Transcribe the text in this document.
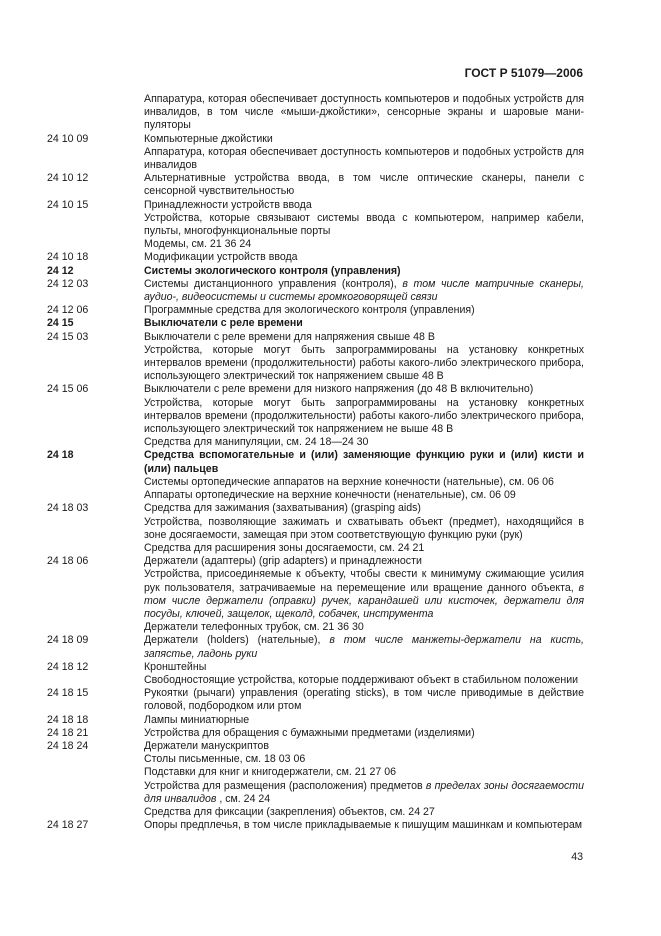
ГОСТ Р 51079—2006
Аппаратура, которая обеспечивает доступность компьютеров и подобных устройств для инвалидов, в том числе «мыши-джойстики», сенсорные экраны и шаровые мани-пуляторы
24 10 09	Компьютерные джойстики
Аппаратура, которая обеспечивает доступность компьютеров и подобных устройств для инвалидов
24 10 12	Альтернативные устройства ввода, в том числе оптические сканеры, панели с сенсорной чувствительностью
24 10 15	Принадлежности устройств ввода
Устройства, которые связывают системы ввода с компьютером, например кабели, пульты, многофункциональные порты
Модемы, см. 21 36 24
24 10 18	Модификации устройств ввода
24 12	Системы экологического контроля (управления)
24 12 03	Системы дистанционного управления (контроля), в том числе матричные сканеры, аудио-, видеосистемы и системы громкоговорящей связи
24 12 06	Программные средства для экологического контроля (управления)
24 15	Выключатели с реле времени
24 15 03	Выключатели с реле времени для напряжения свыше 48 В
Устройства, которые могут быть запрограммированы на установку конкретных интервалов времени (продолжительности) работы какого-либо электрического прибора, использующего электрический ток напряжением свыше 48 В
24 15 06	Выключатели с реле времени для низкого напряжения (до 48 В включительно)
Устройства, которые могут быть запрограммированы на установку конкретных интервалов времени (продолжительности) работы какого-либо электрического прибора, использующего электрический ток напряжением не выше 48 В
Средства для манипуляции, см. 24 18—24 30
24 18	Средства вспомогательные и (или) заменяющие функцию руки и (или) кисти и (или) пальцев
Системы ортопедические аппаратов на верхние конечности (нательные), см. 06 06
Аппараты ортопедические на верхние конечности (ненательные), см. 06 09
24 18 03	Средства для зажимания (захватывания) (grasping aids)
Устройства, позволяющие зажимать и схватывать объект (предмет), находящийся в зоне досягаемости, замещая при этом соответствующую функцию руки (рук)
Средства для расширения зоны досягаемости, см. 24 21
24 18 06	Держатели (адаптеры) (grip adapters) и принадлежности
Устройства, присоединяемые к объекту, чтобы свести к минимуму сжимающие усилия рук пользователя, затрачиваемые на перемещение или вращение данного объекта, в том числе держатели (оправки) ручек, карандашей или кисточек, держатели для посуды, ключей, защелок, щеколд, собачек, инструмента
Держатели телефонных трубок, см. 21 36 30
24 18 09	Держатели (holders) (нательные), в том числе манжеты-держатели на кисть, запястье, ладонь руки
24 18 12	Кронштейны
Свободностоящие устройства, которые поддерживают объект в стабильном положении
24 18 15	Рукоятки (рычаги) управления (operating sticks), в том числе приводимые в действие головой, подбородком или ртом
24 18 18	Лампы миниатюрные
24 18 21	Устройства для обращения с бумажными предметами (изделиями)
24 18 24	Держатели манускриптов
Столы письменные, см. 18 03 06
Подставки для книг и книгодержатели, см. 21 27 06
Устройства для размещения (расположения) предметов в пределах зоны досягаемости для инвалидов , см. 24 24
Средства для фиксации (закрепления) объектов, см. 24 27
24 18 27	Опоры предплечья, в том числе прикладываемые к пишущим машинкам и компьютерам
43
